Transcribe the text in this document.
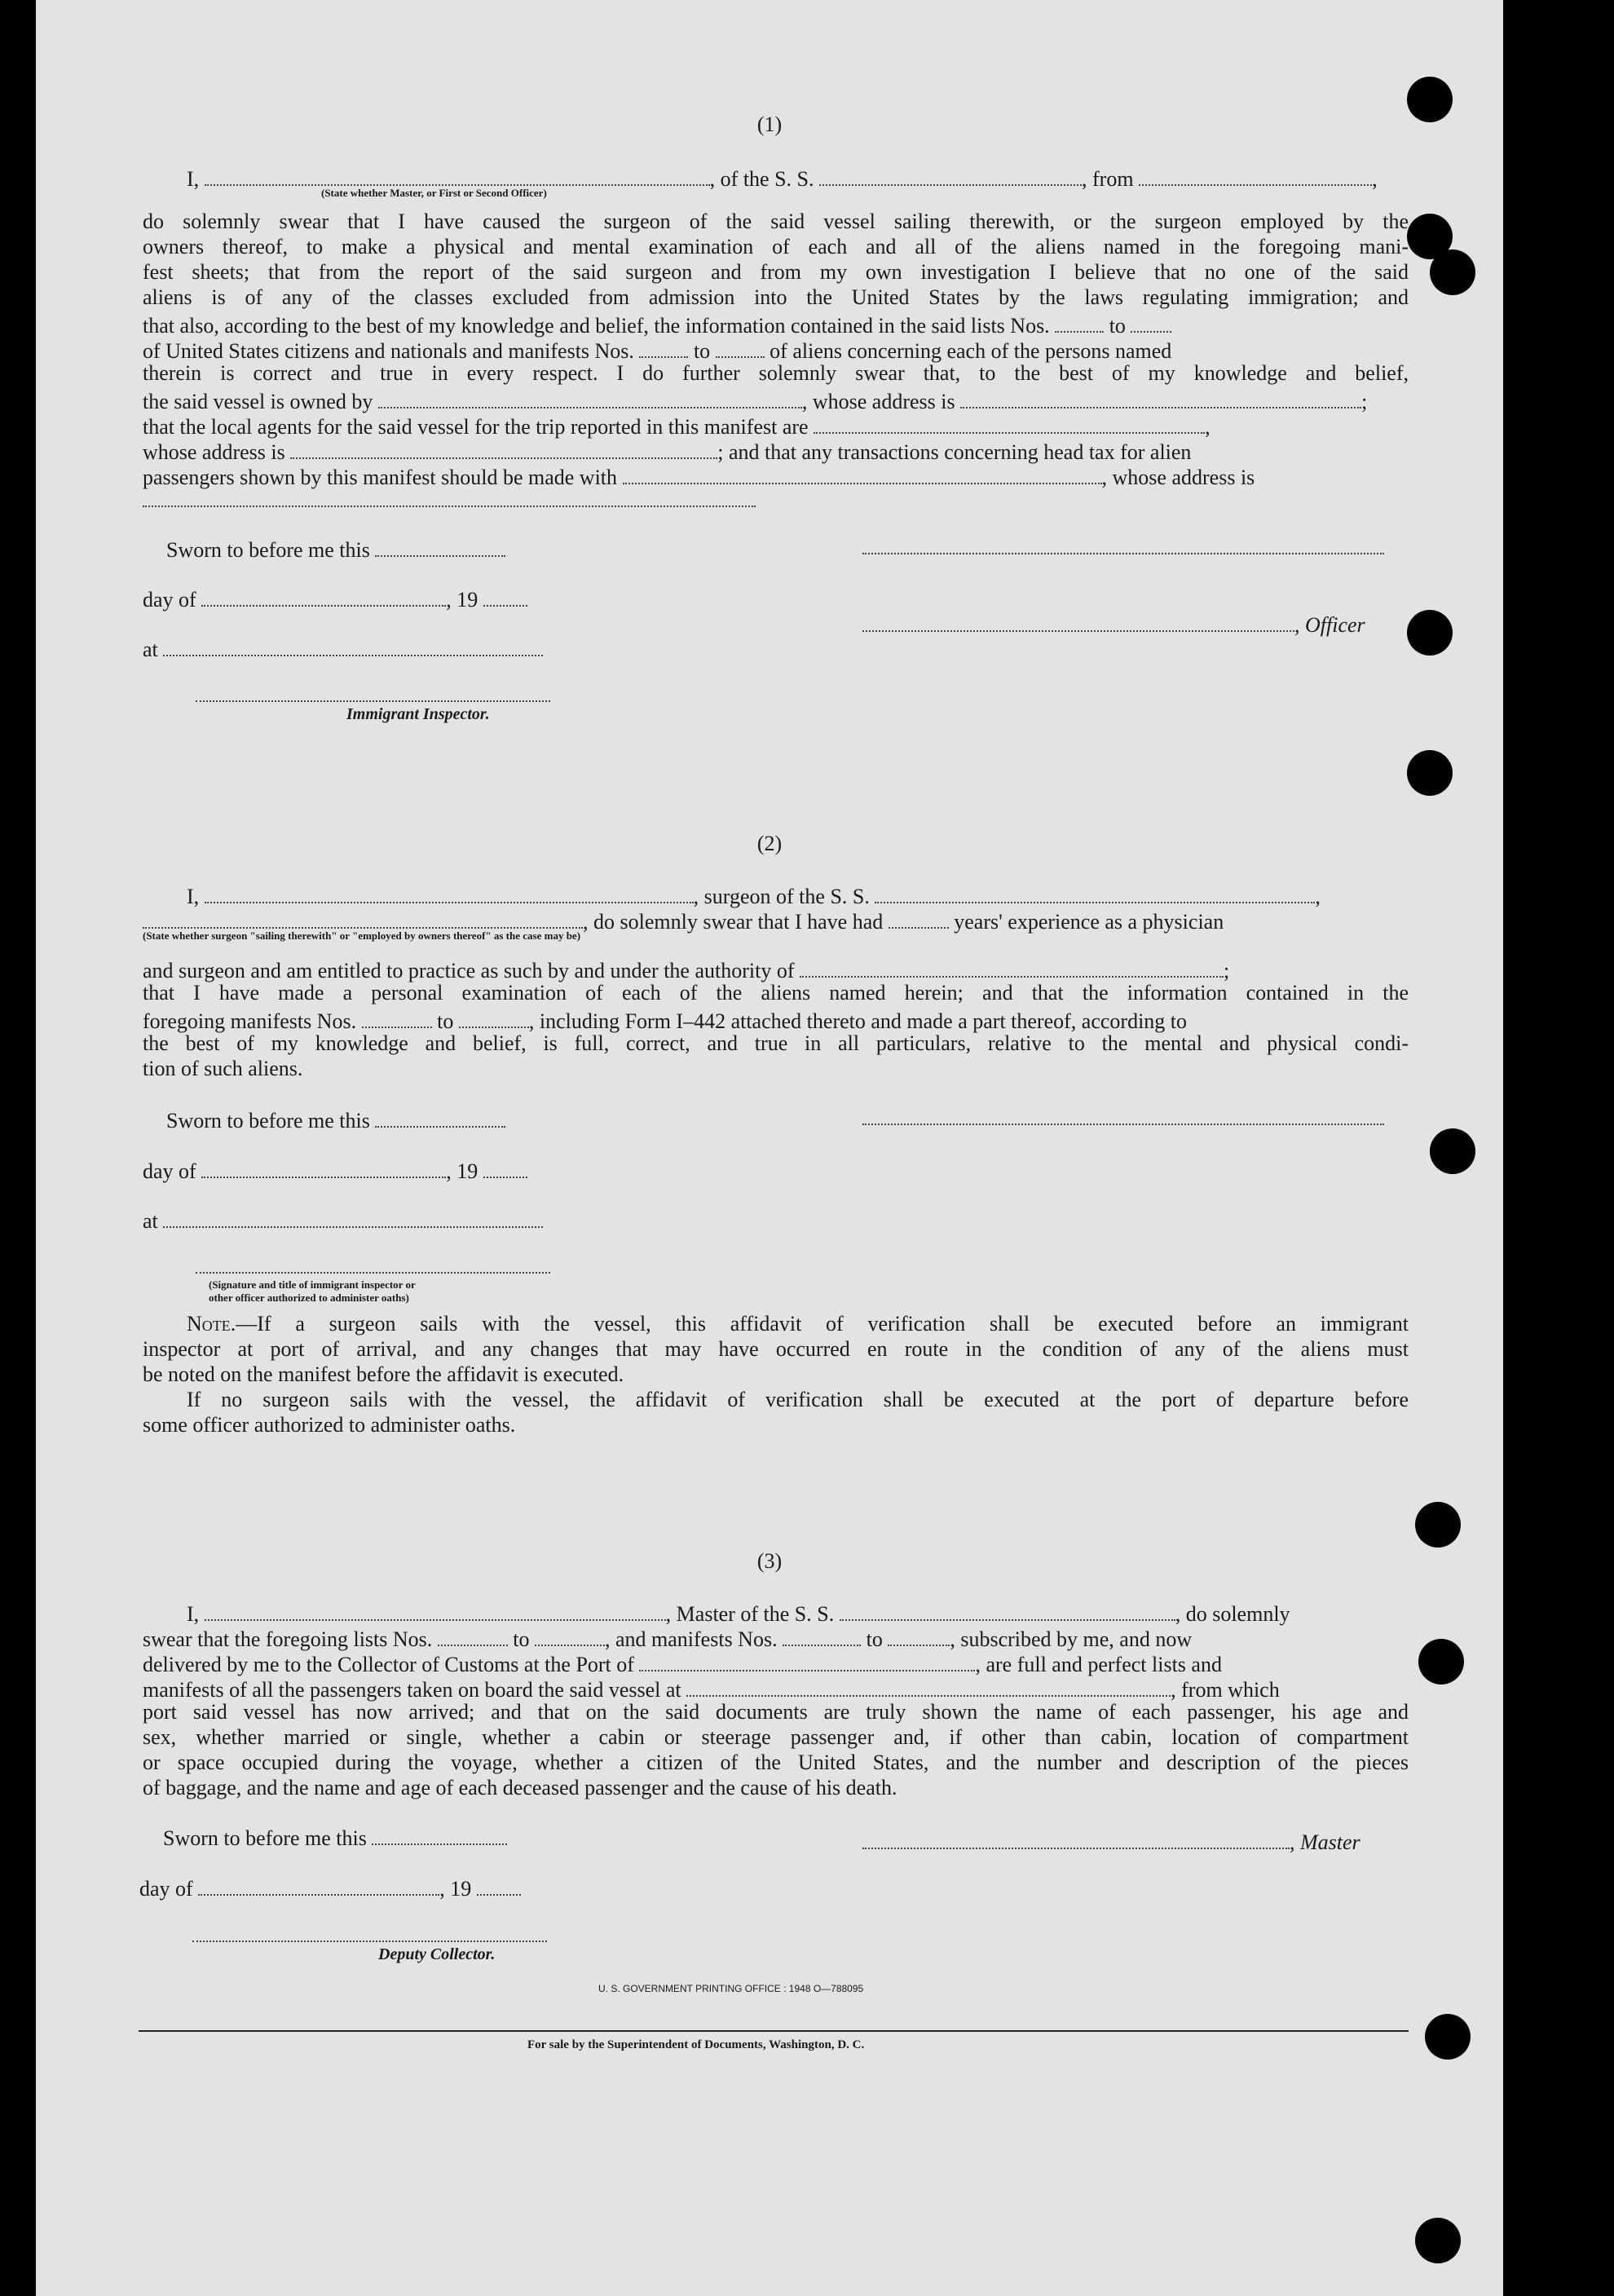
(1)
I,	, of the S. S.	, from	,
(State whether Master, or First or Second Officer)
do solemnly swear that I have caused the surgeon of the said vessel sailing therewith, or the surgeon employed by the
owners thereof, to make a physical and mental examination of each and all of the aliens named in the foregoing mani-
fest sheets; that from the report of the said surgeon and from my own investigation I believe that no one of the said
aliens is of any of the classes excluded from admission into the United States by the laws regulating immigration; and
that also, according to the best of my knowledge and belief, the information contained in the said lists Nos.	to
of United States citizens and nationals and manifests Nos.	to	of aliens concerning each of the persons named
therein is correct and true in every respect. I do further solemnly swear that, to the best of my knowledge and belief,
the said vessel is owned by	, whose address is	;
that the local agents for the said vessel for the trip reported in this manifest are	,
whose address is	; and that any transactions concerning head tax for alien
passengers shown by this manifest should be made with	, whose address is
Sworn to before me this
day of	, 19
, Officer
at
Immigrant Inspector.
(2)
I,	, surgeon of the S. S.	,
, do solemnly swear that I have had	years' experience as a physician
(State whether surgeon "sailing therewith" or "employed by owners thereof" as the case may be)
and surgeon and am entitled to practice as such by and under the authority of	;
that I have made a personal examination of each of the aliens named herein; and that the information contained in the
foregoing manifests Nos.	to	, including Form I–442 attached thereto and made a part thereof, according to
the best of my knowledge and belief, is full, correct, and true in all particulars, relative to the mental and physical condi-
tion of such aliens.
Sworn to before me this
day of	, 19
at
(Signature and title of immigrant inspector or
other officer authorized to administer oaths)
Note.—If a surgeon sails with the vessel, this affidavit of verification shall be executed before an immigrant
inspector at port of arrival, and any changes that may have occurred en route in the condition of any of the aliens must
be noted on the manifest before the affidavit is executed.
If no surgeon sails with the vessel, the affidavit of verification shall be executed at the port of departure before
some officer authorized to administer oaths.
(3)
I,	, Master of the S. S.	, do solemnly
swear that the foregoing lists Nos.	to	, and manifests Nos.	to	, subscribed by me, and now
delivered by me to the Collector of Customs at the Port of	, are full and perfect lists and
manifests of all the passengers taken on board the said vessel at	, from which
port said vessel has now arrived; and that on the said documents are truly shown the name of each passenger, his age and
sex, whether married or single, whether a cabin or steerage passenger and, if other than cabin, location of compartment
or space occupied during the voyage, whether a citizen of the United States, and the number and description of the pieces
of baggage, and the name and age of each deceased passenger and the cause of his death.
Sworn to before me this	, Master
day of	, 19
Deputy Collector.
U. S. GOVERNMENT PRINTING OFFICE : 1948 O—788095
For sale by the Superintendent of Documents, Washington, D. C.
